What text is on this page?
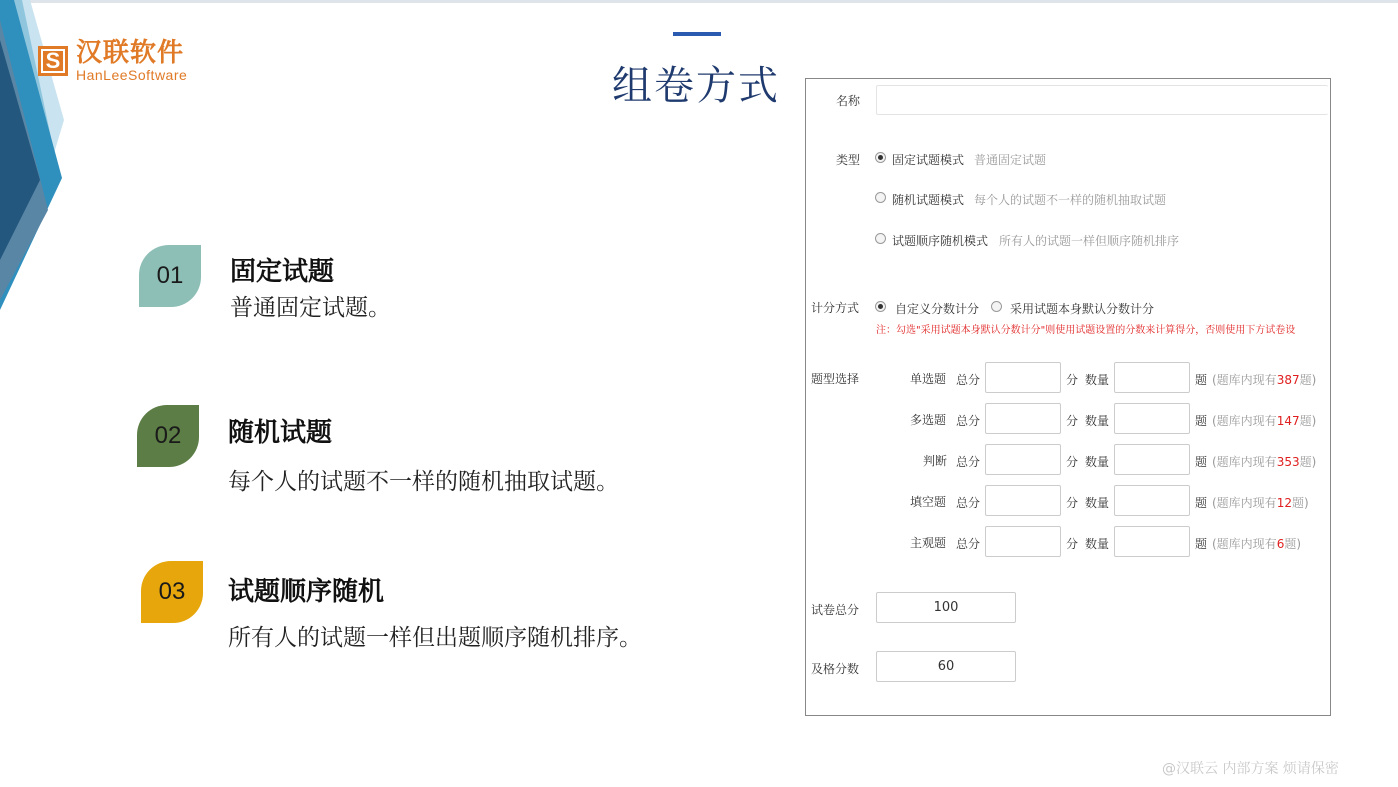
S 汉联软件
HanLeeSoftware	组卷方式
01	固定试题
普通固定试题。
02	随机试题
每个人的试题不一样的随机抽取试题。
03	试题顺序随机
所有人的试题一样但出题顺序随机排序。
名称
类型	固定试题模式 普通固定试题
随机试题模式 每个人的试题不一样的随机抽取试题
试题顺序随机模式 所有人的试题一样但顺序随机排序
计分方式	自定义分数计分	采用试题本身默认分数计分
注：勾选"采用试题本身默认分数计分"则使用试题设置的分数来计算得分，否则使用下方试卷设
题型选择	单选题 总分	分 数量	题 (题库内现有387题)
多选题 总分	分 数量	题 (题库内现有147题)
判断 总分	分 数量	题 (题库内现有353题)
填空题 总分	分 数量	题 (题库内现有12题)
主观题 总分	分 数量	题 (题库内现有6题)
试卷总分	100
及格分数	60
@汉联云 内部方案 烦请保密
